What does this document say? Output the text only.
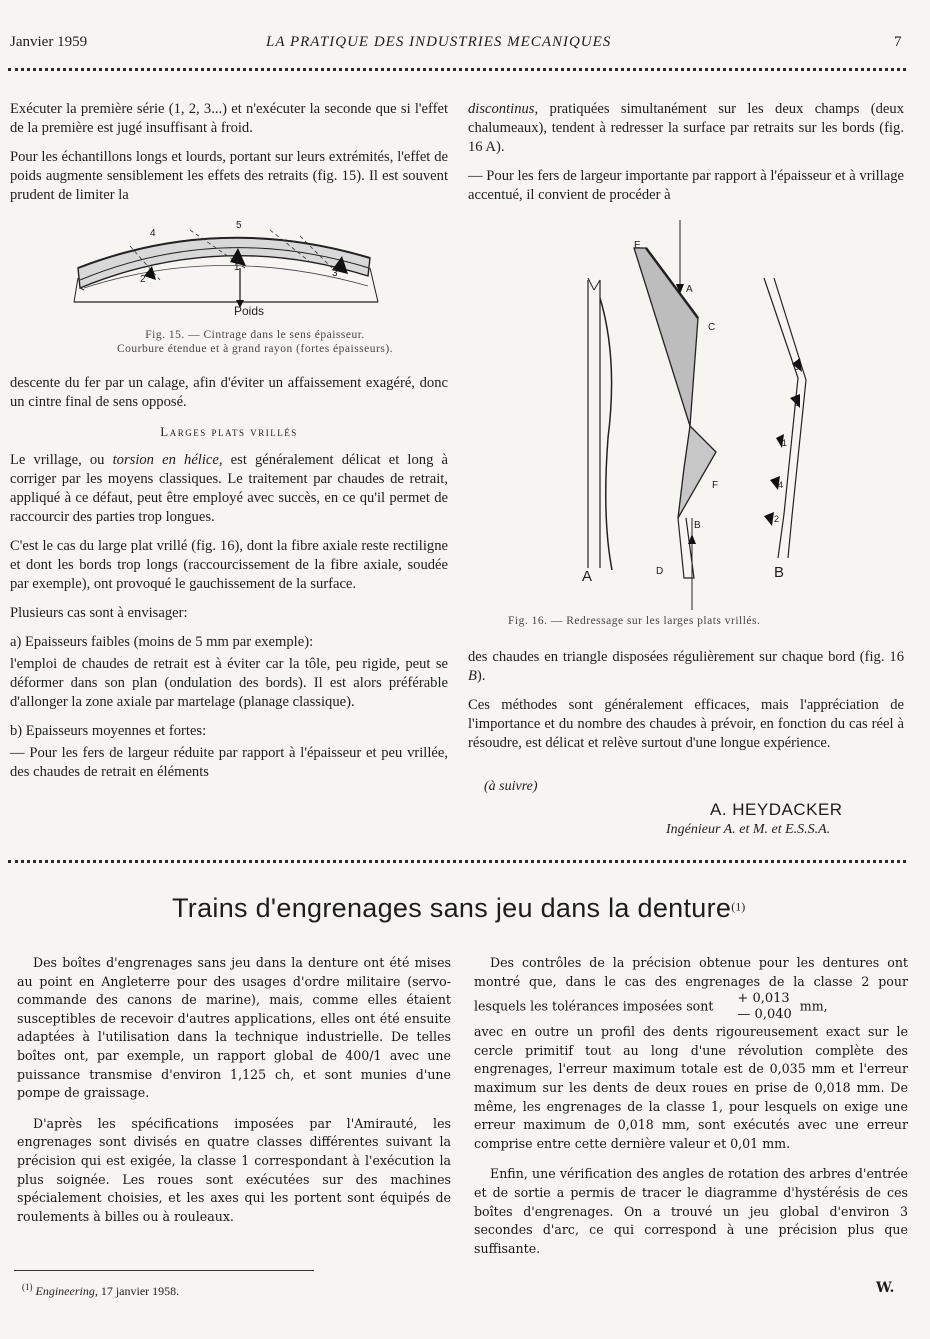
Janvier 1959	LA PRATIQUE DES INDUSTRIES MECANIQUES	7

Exécuter la première série (1, 2, 3...) et n'exécuter la seconde que si l'effet de la première est jugé insuffisant à froid.

Pour les échantillons longs et lourds, portant sur leurs extrémités, l'effet de poids augmente sensiblement les effets des retraits (fig. 15). Il est souvent prudent de limiter la

4
5
2
1
3
Poids
Fig. 15. — Cintrage dans le sens épaisseur.
Courbure étendue et à grand rayon (fortes épaisseurs).

descente du fer par un calage, afin d'éviter un affaissement exagéré, donc un cintre final de sens opposé.

Larges plats vrillés

Le vrillage, ou torsion en hélice, est généralement délicat et long à corriger par les moyens classiques. Le traitement par chaudes de retrait, appliqué à ce défaut, peut être employé avec succès, en ce qu'il permet de raccourcir des parties trop longues.

C'est le cas du large plat vrillé (fig. 16), dont la fibre axiale reste rectiligne et dont les bords trop longs (raccourcissement de la fibre axiale, soudée par exemple), ont provoqué le gauchissement de la surface.

Plusieurs cas sont à envisager:

a) Epaisseurs faibles (moins de 5 mm par exemple):

l'emploi de chaudes de retrait est à éviter car la tôle, peu rigide, peut se déformer dans son plan (ondulation des bords). Il est alors préférable d'allonger la zone axiale par martelage (planage classique).

b) Epaisseurs moyennes et fortes:

— Pour les fers de largeur réduite par rapport à l'épaisseur et peu vrillée, des chaudes de retrait en éléments

discontinus, pratiquées simultanément sur les deux champs (deux chalumeaux), tendent à redresser la surface par retraits sur les bords (fig. 16 A).

— Pour les fers de largeur importante par rapport à l'épaisseur et à vrillage accentué, il convient de procéder à

E
A
C
F
B
D
3
5
1
4
2
A	B
Fig. 16. — Redressage sur les larges plats vrillés.

des chaudes en triangle disposées régulièrement sur chaque bord (fig. 16 B).

Ces méthodes sont généralement efficaces, mais l'appréciation de l'importance et du nombre des chaudes à prévoir, en fonction du cas réel à résoudre, est délicat et relève surtout d'une longue expérience.

(à suivre)
A. HEYDACKER
Ingénieur A. et M. et E.S.S.A.
Trains d'engrenages sans jeu dans la denture$^{(1)}$

Des boîtes d'engrenages sans jeu dans la denture ont été mises au point en Angleterre pour des usages d'ordre militaire (servo-commande des canons de marine), mais, comme elles étaient susceptibles de recevoir d'autres applications, elles ont été ensuite adaptées à l'utilisation dans la technique industrielle. De telles boîtes ont, par exemple, un rapport global de 400/1 avec une puissance transmise d'environ 1,125 ch, et sont munies d'une pompe de graissage.

D'après les spécifications imposées par l'Amirauté, les engrenages sont divisés en quatre classes différentes suivant la précision qui est exigée, la classe 1 correspondant à l'exécution la plus soignée. Les roues sont exécutées sur des machines spécialement choisies, et les axes qui les portent sont équipés de roulements à billes ou à rouleaux.

Des contrôles de la précision obtenue pour les dentures ont montré que, dans le cas des engrenages de la classe 2 pour lesquels les tolérances imposées sont	+ 0,013
— 0,040
mm,

avec en outre un profil des dents rigoureusement exact sur le cercle primitif tout au long d'une révolution complète des engrenages, l'erreur maximum totale est de 0,035 mm et l'erreur maximum sur les dents de deux roues en prise de 0,018 mm. De même, les engrenages de la classe 1, pour lesquels on exige une erreur maximum de 0,018 mm, sont exécutés avec une erreur comprise entre cette dernière valeur et 0,01 mm.

Enfin, une vérification des angles de rotation des arbres d'entrée et de sortie a permis de tracer le diagramme d'hystérésis de ces boîtes d'engrenages. On a trouvé un jeu global d'environ 3 secondes d'arc, ce qui correspond à une précision plus que suffisante.

$^{(1)}$ Engineering, 17 janvier 1958.	W.
